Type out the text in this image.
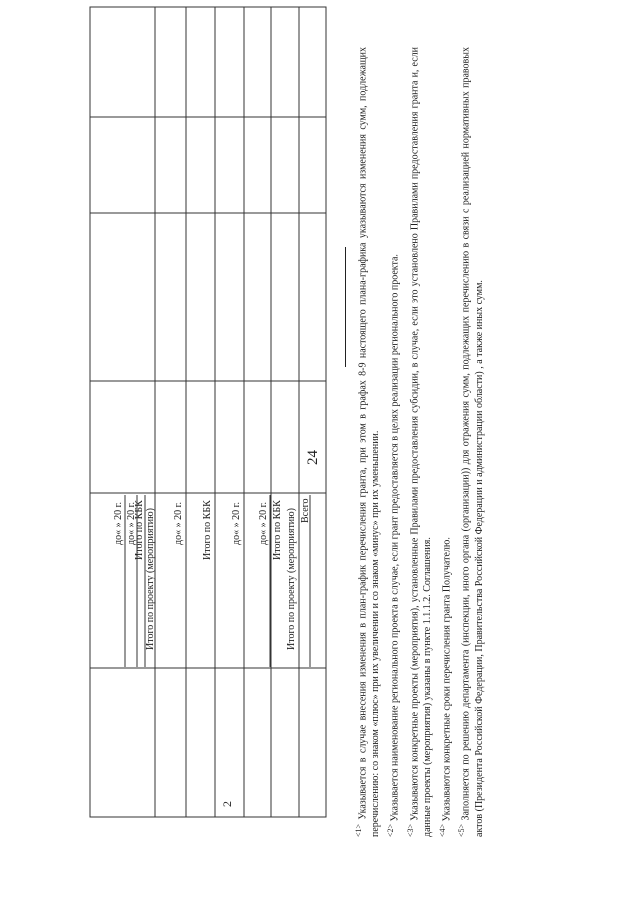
24
2
до« » 20 г. до« » 20 г.
Итого по КБК Итого по проекту (мероприятию) до« » 20 г. Итого по КБК до« » 20 г. до« » 20 г. Итого по КБК Итого по проекту (мероприятию) Всего

$^{<1>}$ Указывается в случае внесения изменения в план-график перечисления гранта, при этом в графах 8-9 настоящего плана-графика указываются изменения сумм, подлежащих перечислению: со знаком «плюс» при их увеличении и со знаком «минус» при их уменьшении. $^{<2>}$ Указывается наименование регионального проекта в случае, если грант предоставляется в целях реализации регионального проекта.

$^{<3>}$ Указываются конкретные проекты (мероприятия), установленные Правилами предоставления субсидии, в случае, если это установлено Правилами предоставления гранта и, если данные проекты (мероприятия) указаны в пункте 1.1.1.2. Соглашения. $^{<4>}$ Указываются конкретные сроки перечисления гранта Получателю.

$^{<5>}$ Заполняется по решению департамента (инспекции, иного органа (организации)) для отражения сумм, подлежащих перечислению в связи с реализацией нормативных правовых актов (Президента Российской Федерации, Правительства Российской Федерации и администрации области) , а также иных сумм.
